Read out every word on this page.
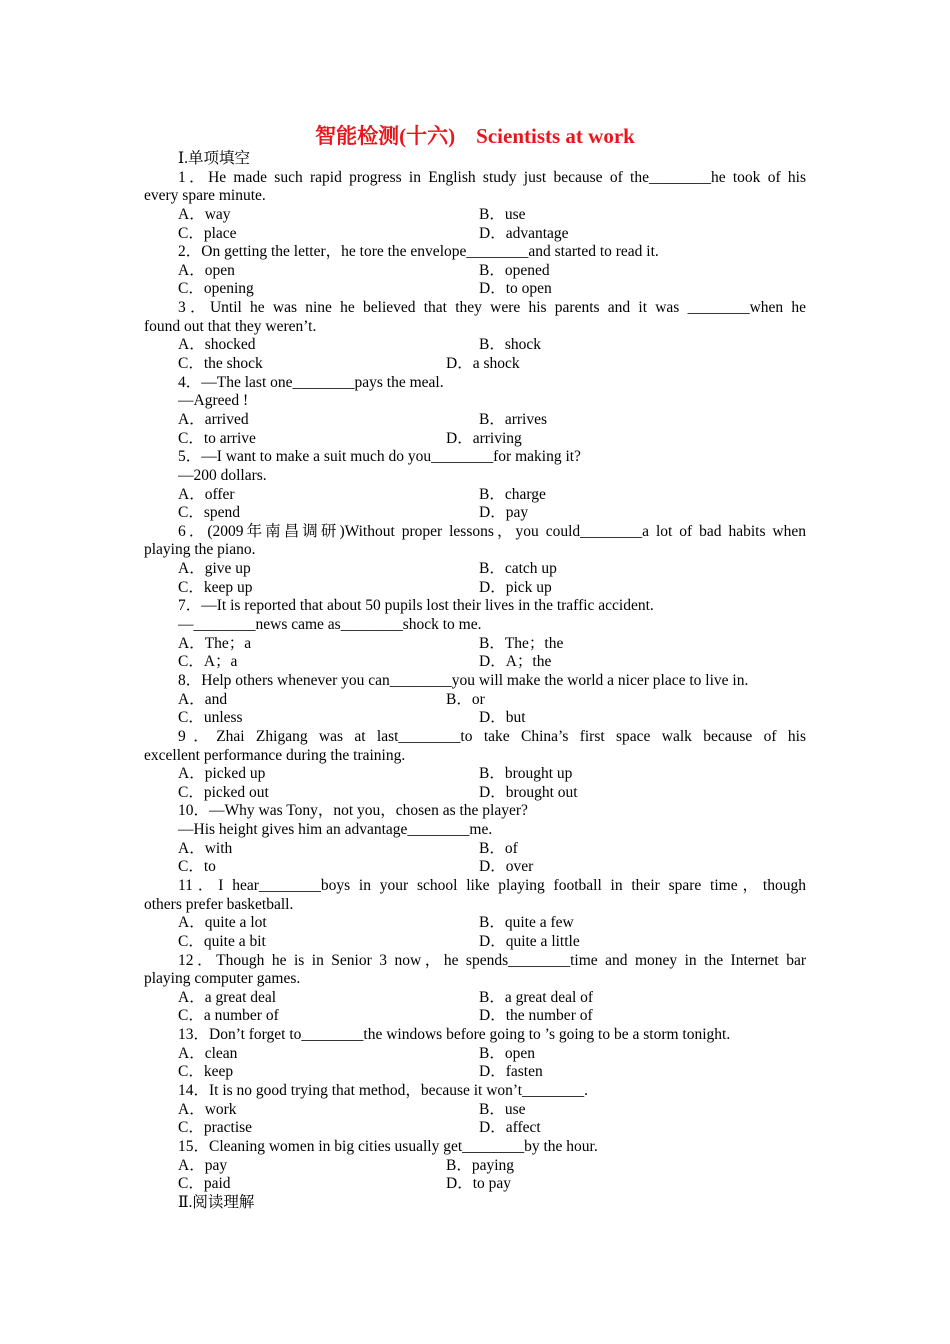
智能检测(十六)    Scientists at work
Ⅰ.单项填空
1．He made such rapid progress in English study just because of the________he took of his
every spare minute.
A．way	B．use
C．place	D．advantage
2．On getting the letter，he tore the envelope________and started to read it.
A．open	B．opened
C．opening	D．to open
3．Until he was nine he believed that they were his parents and it was ________when he
found out that they weren’t.
A．shocked	B．shock
C．the shock	D．a shock
4．—The last one________pays the meal.
—Agreed !
A．arrived	B．arrives
C．to arrive	D．arriving
5．—I want to make a suit much do you________for making it?
—200 dollars.
A．offer	B．charge
C．spend	D．pay
6．(2009年南昌调研)Without proper lessons，you could________a lot of bad habits when
playing the piano.
A．give up	B．catch up
C．keep up	D．pick up
7．—It is reported that about 50 pupils lost their lives in the traffic accident.
—________news came as________shock to me.
A．The；a	B．The；the
C．A；a	D．A；the
8．Help others whenever you can________you will make the world a nicer place to live in.
A．and	B．or
C．unless	D．but
9．Zhai Zhigang was at last________to take China’s first space walk because of his
excellent performance during the training.
A．picked up	B．brought up
C．picked out	D．brought out
10．—Why was Tony，not you，chosen as the player?
—His height gives him an advantage________me.
A．with	B．of
C．to	D．over
11．I hear________boys in your school like playing football in their spare time，though
others prefer basketball.
A．quite a lot	B．quite a few
C．quite a bit	D．quite a little
12．Though he is in Senior 3 now，he spends________time and money in the Internet bar
playing computer games.
A．a great deal	B．a great deal of
C．a number of	D．the number of
13．Don’t forget to________the windows before going to ’s going to be a storm tonight.
A．clean	B．open
C．keep	D．fasten
14．It is no good trying that method，because it won’t________.
A．work	B．use
C．practise	D．affect
15．Cleaning women in big cities usually get________by the hour.
A．pay	B．paying
C．paid	D．to pay
Ⅱ.阅读理解
